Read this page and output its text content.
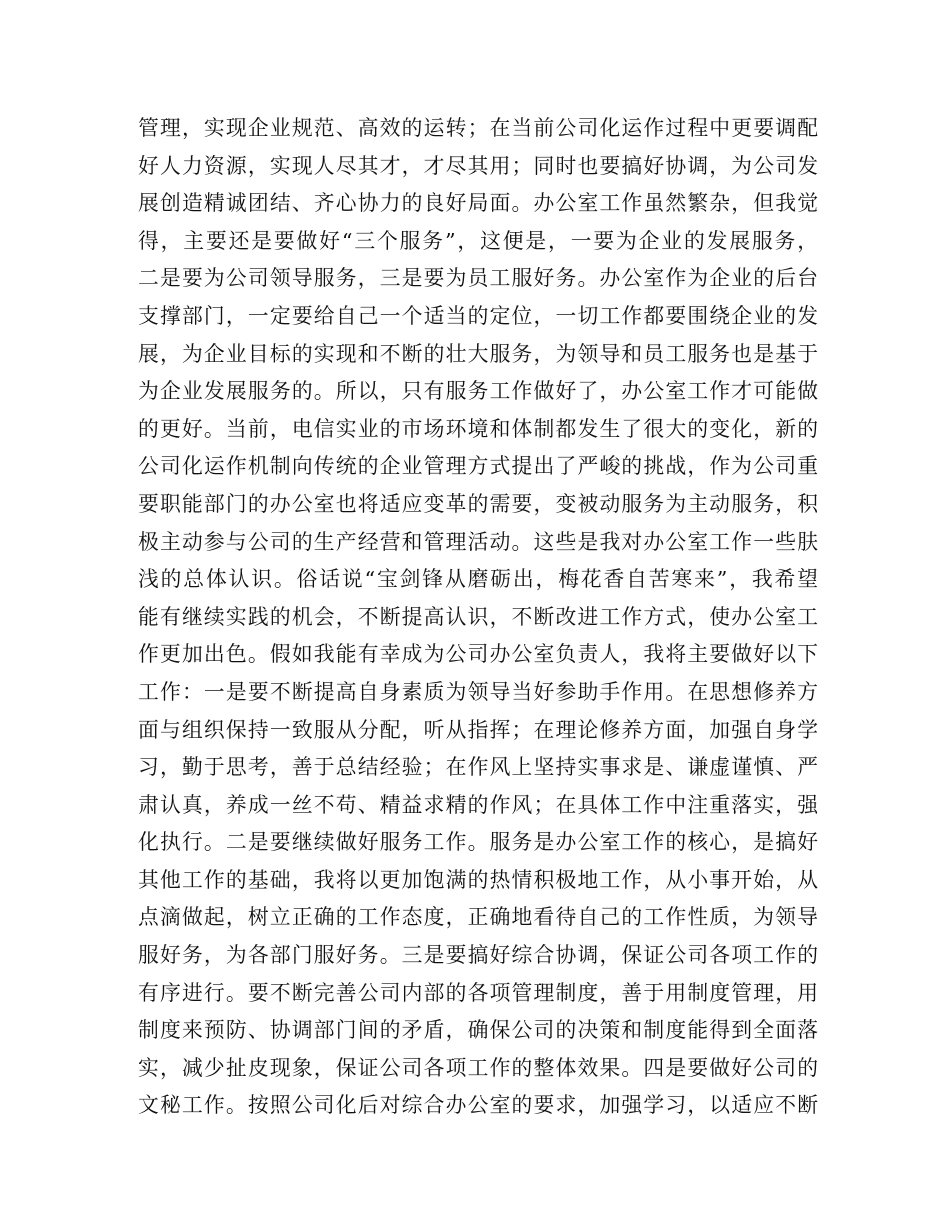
管理，实现企业规范、高效的运转；在当前公司化运作过程中更要调配
好人力资源，实现人尽其才，才尽其用；同时也要搞好协调，为公司发
展创造精诚团结、齐心协力的良好局面。办公室工作虽然繁杂，但我觉
得，主要还是要做好“三个服务”，这便是，一要为企业的发展服务，
二是要为公司领导服务，三是要为员工服好务。办公室作为企业的后台
支撑部门，一定要给自己一个适当的定位，一切工作都要围绕企业的发
展，为企业目标的实现和不断的壮大服务，为领导和员工服务也是基于
为企业发展服务的。所以，只有服务工作做好了，办公室工作才可能做
的更好。当前，电信实业的市场环境和体制都发生了很大的变化，新的
公司化运作机制向传统的企业管理方式提出了严峻的挑战，作为公司重
要职能部门的办公室也将适应变革的需要，变被动服务为主动服务，积
极主动参与公司的生产经营和管理活动。这些是我对办公室工作一些肤
浅的总体认识。俗话说“宝剑锋从磨砺出，梅花香自苦寒来”，我希望
能有继续实践的机会，不断提高认识，不断改进工作方式，使办公室工
作更加出色。假如我能有幸成为公司办公室负责人，我将主要做好以下
工作：一是要不断提高自身素质为领导当好参助手作用。在思想修养方
面与组织保持一致服从分配，听从指挥；在理论修养方面，加强自身学
习，勤于思考，善于总结经验；在作风上坚持实事求是、谦虚谨慎、严
肃认真，养成一丝不苟、精益求精的作风；在具体工作中注重落实，强
化执行。二是要继续做好服务工作。服务是办公室工作的核心，是搞好
其他工作的基础，我将以更加饱满的热情积极地工作，从小事开始，从
点滴做起，树立正确的工作态度，正确地看待自己的工作性质，为领导
服好务，为各部门服好务。三是要搞好综合协调，保证公司各项工作的
有序进行。要不断完善公司内部的各项管理制度，善于用制度管理，用
制度来预防、协调部门间的矛盾，确保公司的决策和制度能得到全面落
实，减少扯皮现象，保证公司各项工作的整体效果。四是要做好公司的
文秘工作。按照公司化后对综合办公室的要求，加强学习，以适应不断
